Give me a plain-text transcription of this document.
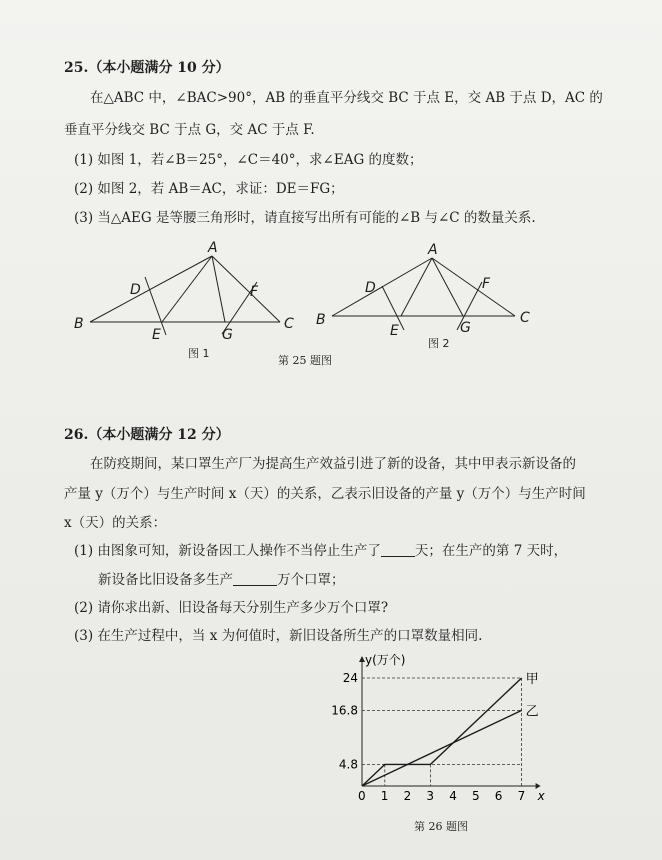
25.（本小题满分 10 分）
在△ABC 中，∠BAC>90°，AB 的垂直平分线交 BC 于点 E，交 AB 于点 D，AC 的
垂直平分线交 BC 于点 G，交 AC 于点 F.
(1) 如图 1，若∠B＝25°，∠C＝40°，求∠EAG 的度数；
(2) 如图 2，若 AB＝AC，求证：DE＝FG；
(3) 当△AEG 是等腰三角形时，请直接写出所有可能的∠B 与∠C 的数量关系.
A
B	C
D
E
F
G
图 1
A
B	C
D
E
F
G
图 2
第 25 题图
26.（本小题满分 12 分）
在防疫期间，某口罩生产厂为提高生产效益引进了新的设备，其中甲表示新设备的
产量 y（万个）与生产时间 x（天）的关系，乙表示旧设备的产量 y（万个）与生产时间
x（天）的关系：
(1) 由图象可知，新设备因工人操作不当停止生产了	天；在生产的第 7 天时，
新设备比旧设备多生产	万个口罩；
(2) 请你求出新、旧设备每天分别生产多少万个口罩?
(3) 在生产过程中，当 x 为何值时，新旧设备所生产的口罩数量相同.
y(万个)
x
0 1 2 3 4 5 6 7
4.8
16.8
24	甲
乙
第 26 题图
